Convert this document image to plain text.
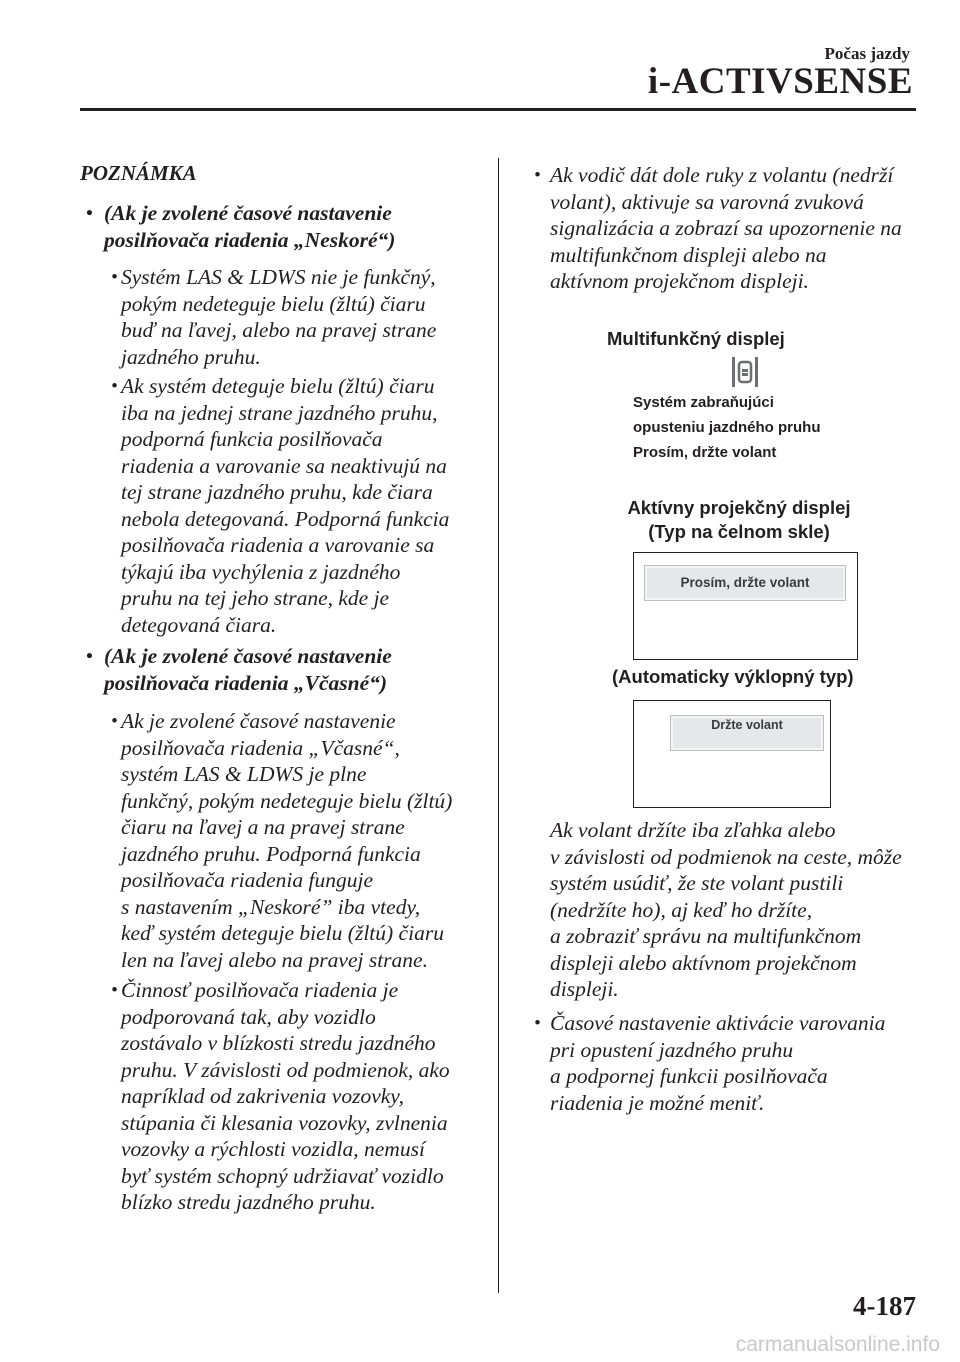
Počas jazdy
i-ACTIVSENSE
POZNÁMKA
• (Ak je zvolené časové nastavenie

posilňovača riadenia „Neskoré“)

• Systém LAS & LDWS nie je funkčný,

pokým nedeteguje bielu (žltú) čiaru

buď na ľavej, alebo na pravej strane

jazdného pruhu.

• Ak systém deteguje bielu (žltú) čiaru

iba na jednej strane jazdného pruhu,

podporná funkcia posilňovača

riadenia a varovanie sa neaktivujú na

tej strane jazdného pruhu, kde čiara

nebola detegovaná. Podporná funkcia

posilňovača riadenia a varovanie sa

týkajú iba vychýlenia z jazdného

pruhu na tej jeho strane, kde je

detegovaná čiara.

• (Ak je zvolené časové nastavenie

posilňovača riadenia „Včasné“)

• Ak je zvolené časové nastavenie

posilňovača riadenia „Včasné“,

systém LAS & LDWS je plne

funkčný, pokým nedeteguje bielu (žltú)

čiaru na ľavej a na pravej strane

jazdného pruhu. Podporná funkcia

posilňovača riadenia funguje

s nastavením „Neskoré” iba vtedy,

keď systém deteguje bielu (žltú) čiaru

len na ľavej alebo na pravej strane.

• Činnosť posilňovača riadenia je

podporovaná tak, aby vozidlo

zostávalo v blízkosti stredu jazdného

pruhu. V závislosti od podmienok, ako

napríklad od zakrivenia vozovky,

stúpania či klesania vozovky, zvlnenia

vozovky a rýchlosti vozidla, nemusí

byť systém schopný udržiavať vozidlo

blízko stredu jazdného pruhu.

• Ak vodič dát dole ruky z volantu (nedrží

volant), aktivuje sa varovná zvuková

signalizácia a zobrazí sa upozornenie na

multifunkčnom displeji alebo na

aktívnom projekčnom displeji.

Multifunkčný displej

Systém zabraňujúci

opusteniu jazdného pruhu

Prosím, držte volant

Aktívny projekčný displej

(Typ na čelnom skle)

Prosím, držte volant
(Automaticky výklopný typ)
Držte volant

Ak volant držíte iba zľahka alebo

v závislosti od podmienok na ceste, môže

systém usúdiť, že ste volant pustili

(nedržíte ho), aj keď ho držíte,

a zobraziť správu na multifunkčnom

displeji alebo aktívnom projekčnom

displeji.

• Časové nastavenie aktivácie varovania

pri opustení jazdného pruhu

a podpornej funkcii posilňovača

riadenia je možné meniť.

4-187
carmanualsonline.info
